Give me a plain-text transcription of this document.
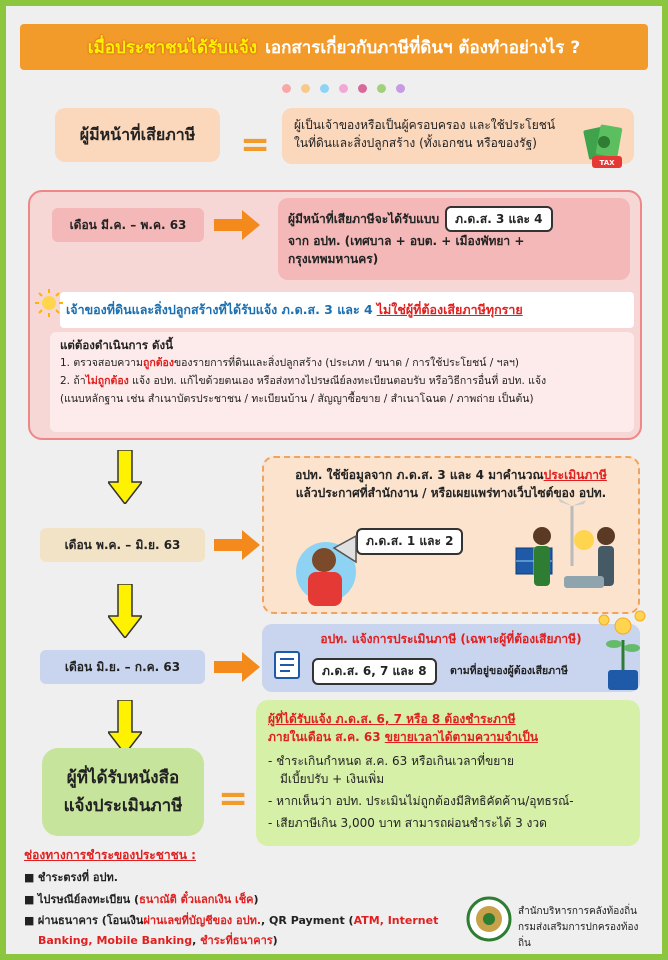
เมื่อประชาชนได้รับแจ้ง เอกสารเกี่ยวกับภาษีที่ดินฯ ต้องทำอย่างไร ?
ผู้มีหน้าที่เสียภาษี = ผู้เป็นเจ้าของหรือเป็นผู้ครอบครอง และใช้ประโยชน์
ในที่ดินและสิ่งปลูกสร้าง (ทั้งเอกชน หรือของรัฐ)
TAX
เดือน มี.ค. – พ.ค. 63	ผู้มีหน้าที่เสียภาษีจะได้รับแบบ	ภ.ด.ส. 3 และ 4
จาก อปท. (เทศบาล + อบต. + เมืองพัทยา +
กรุงเทพมหานคร)
เจ้าของที่ดินและสิ่งปลูกสร้างที่ได้รับแจ้ง ภ.ด.ส. 3 และ 4 ไม่ใช่ผู้ที่ต้องเสียภาษีทุกราย
แต่ต้องดำเนินการ ดังนี้
1. ตรวจสอบความถูกต้องของรายการที่ดินและสิ่งปลูกสร้าง (ประเภท / ขนาด / การใช้ประโยชน์ / ฯลฯ)
2. ถ้าไม่ถูกต้อง แจ้ง อปท. แก้ไขด้วยตนเอง หรือส่งทางไปรษณีย์ลงทะเบียนตอบรับ หรือวิธีการอื่นที่ อปท. แจ้ง
(แนบหลักฐาน เช่น สำเนาบัตรประชาชน / ทะเบียนบ้าน / สัญญาซื้อขาย / สำเนาโฉนด / ภาพถ่าย เป็นต้น)
เดือน พ.ค. – มิ.ย. 63
อปท. ใช้ข้อมูลจาก ภ.ด.ส. 3 และ 4 มาคำนวณประเมินภาษี
แล้วประกาศที่สำนักงาน / หรือเผยแพร่ทางเว็บไซต์ของ อปท.
ภ.ด.ส. 1 และ 2
เดือน มิ.ย. – ก.ค. 63
อปท. แจ้งการประเมินภาษี (เฉพาะผู้ที่ต้องเสียภาษี)
ภ.ด.ส. 6, 7 และ 8	ตามที่อยู่ของผู้ต้องเสียภาษี
ผู้ที่ได้รับหนังสือ
แจ้งประเมินภาษี =
ผู้ที่ได้รับแจ้ง ภ.ด.ส. 6, 7 หรือ 8 ต้องชำระภาษี
ภายในเดือน ส.ค. 63 ขยายเวลาได้ตามความจำเป็น
- ชำระเกินกำหนด ส.ค. 63 หรือเกินเวลาที่ขยาย
มีเบี้ยปรับ + เงินเพิ่ม
- หากเห็นว่า อปท. ประเมินไม่ถูกต้องมีสิทธิคัดค้าน/อุทธรณ์-
- เสียภาษีเกิน 3,000 บาท สามารถผ่อนชำระได้ 3 งวด
ช่องทางการชำระของประชาชน :
■ ชำระตรงที่ อปท.
■ ไปรษณีย์ลงทะเบียน (ธนาณัติ ตั๋วแลกเงิน เช็ค)
■ ผ่านธนาคาร (โอนเงินผ่านเลขที่บัญชีของ อปท., QR Payment (ATM, Internet
Banking, Mobile Banking, ชำระที่ธนาคาร)
สำนักบริหารการคลังท้องถิ่น
กรมส่งเสริมการปกครองท้องถิ่น
